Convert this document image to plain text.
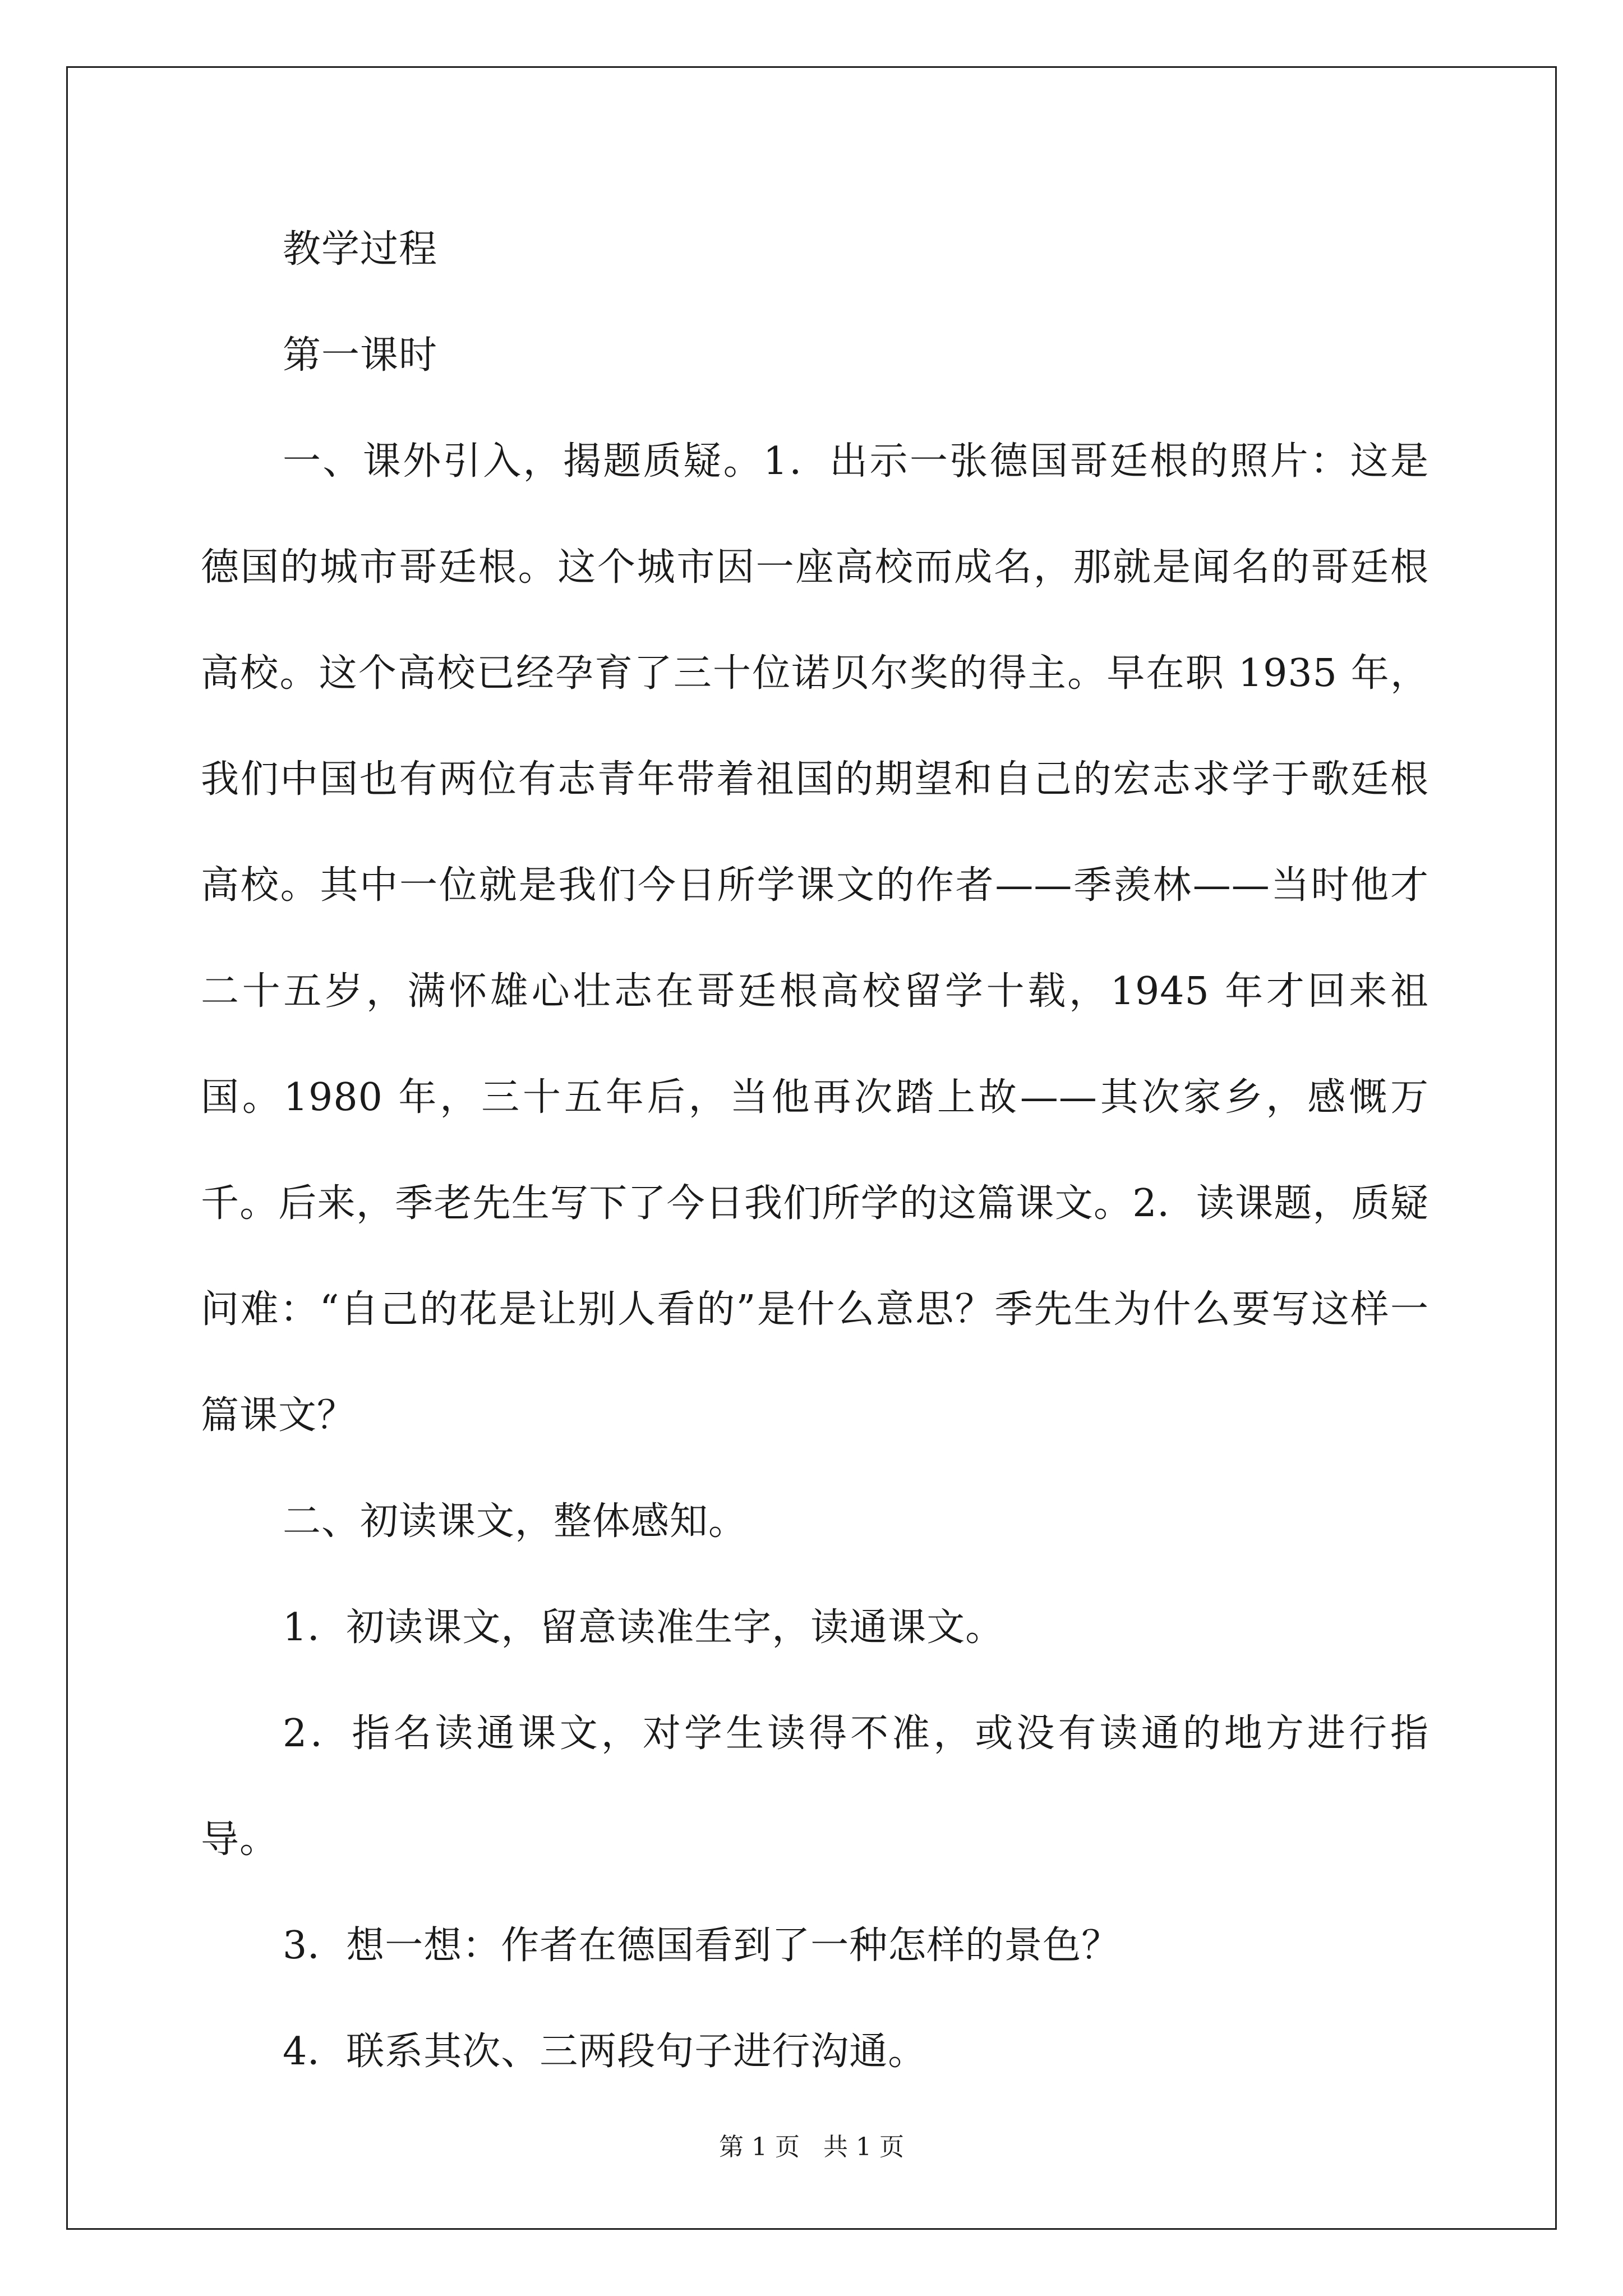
教学过程

第一课时

一、课外引入，揭题质疑。1．出示一张德国哥廷根的照片：这是德国的城市哥廷根。这个城市因一座高校而成名，那就是闻名的哥廷根高校。这个高校已经孕育了三十位诺贝尔奖的得主。早在职 1935 年，我们中国也有两位有志青年带着祖国的期望和自己的宏志求学于歌廷根高校。其中一位就是我们今日所学课文的作者——季羡林——当时他才二十五岁，满怀雄心壮志在哥廷根高校留学十载，1945 年才回来祖国。1980 年，三十五年后，当他再次踏上故——其次家乡，感慨万千。后来，季老先生写下了今日我们所学的这篇课文。2．读课题，质疑问难：“自己的花是让别人看的”是什么意思？季先生为什么要写这样一篇课文？

二、初读课文，整体感知。

1．初读课文，留意读准生字，读通课文。

2．指名读通课文，对学生读得不准，或没有读通的地方进行指导。

3．想一想：作者在德国看到了一种怎样的景色？

4．联系其次、三两段句子进行沟通。

第 1 页   共 1 页
